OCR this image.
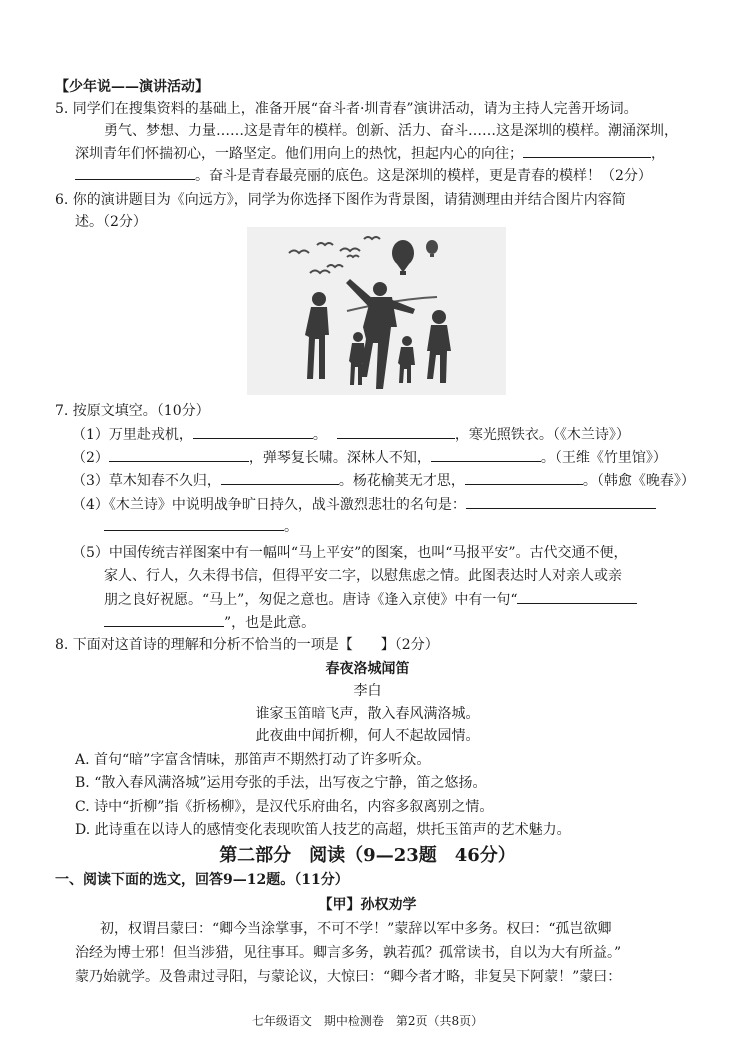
【少年说——演讲活动】
5. 同学们在搜集资料的基础上，准备开展“奋斗者·圳青春”演讲活动，请为主持人完善开场词。
勇气、梦想、力量……这是青年的模样。创新、活力、奋斗……这是深圳的模样。潮涌深圳，
深圳青年们怀揣初心，一路坚定。他们用向上的热忱，担起内心的向往；	，
。奋斗是青春最亮丽的底色。这是深圳的模样，更是青春的模样！（2分）
6. 你的演讲题目为《向远方》，同学为你选择下图作为背景图，请猜测理由并结合图片内容简
述。（2分）
7. 按原文填空。（10分）
（1）万里赴戎机，	。	，寒光照铁衣。（《木兰诗》）
（2）	，弹琴复长啸。深林人不知，	。（王维《竹里馆》）
（3）草木知春不久归，	。杨花榆荚无才思，	。（韩愈《晚春》）
（4）《木兰诗》中说明战争旷日持久，战斗激烈悲壮的名句是：
。
（5）中国传统吉祥图案中有一幅叫“马上平安”的图案，也叫“马报平安”。古代交通不便，
家人、行人，久未得书信，但得平安二字，以慰焦虑之情。此图表达时人对亲人或亲
朋之良好祝愿。“马上”，匆促之意也。唐诗《逢入京使》中有一句“
”，也是此意。
8. 下面对这首诗的理解和分析不恰当的一项是【　　】（2分）
春夜洛城闻笛
李白
谁家玉笛暗飞声，散入春风满洛城。
此夜曲中闻折柳，何人不起故园情。
A. 首句“暗”字富含情味，那笛声不期然打动了许多听众。
B. “散入春风满洛城”运用夸张的手法，出写夜之宁静，笛之悠扬。
C. 诗中“折柳”指《折杨柳》，是汉代乐府曲名，内容多叙离别之情。
D. 此诗重在以诗人的感情变化表现吹笛人技艺的高超，烘托玉笛声的艺术魅力。
第二部分　阅读（9—23题　46分）
一、阅读下面的选文，回答9—12题。（11分）
【甲】孙权劝学
初，权谓吕蒙曰：“卿今当涂掌事，不可不学！”蒙辞以军中多务。权曰：“孤岂欲卿
治经为博士邪！但当涉猎，见往事耳。卿言多务，孰若孤？孤常读书，自以为大有所益。”
蒙乃始就学。及鲁肃过寻阳，与蒙论议，大惊曰：“卿今者才略，非复吴下阿蒙！”蒙曰：
七年级语文　期中检测卷　第2页（共8页）
